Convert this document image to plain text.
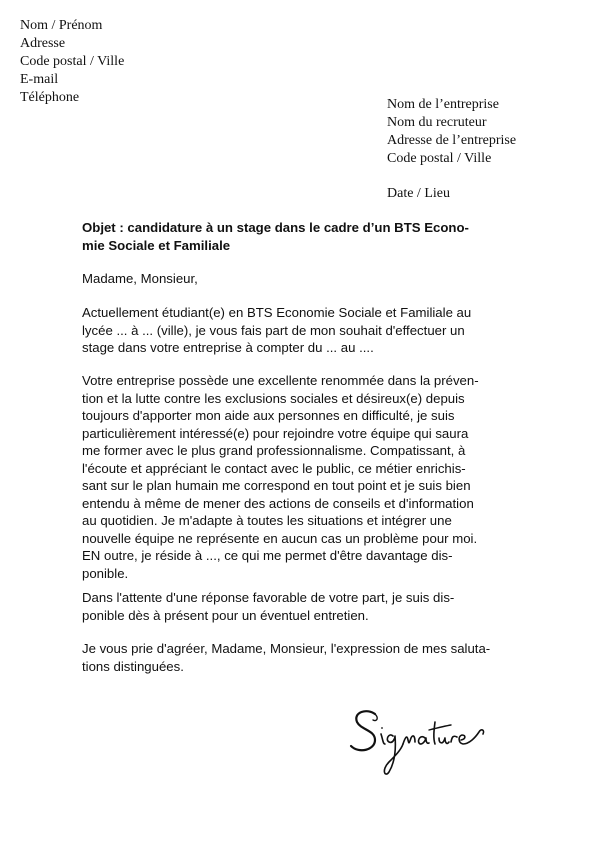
Nom / Prénom
Adresse
Code postal / Ville
E-mail
Téléphone	Nom de l’entreprise
Nom du recruteur
Adresse de l’entreprise
Code postal / Ville
Date / Lieu
Objet : candidature à un stage dans le cadre d’un BTS Econo-
mie Sociale et Familiale
Madame, Monsieur,
Actuellement étudiant(e) en BTS Economie Sociale et Familiale au
lycée ... à ... (ville), je vous fais part de mon souhait d'effectuer un
stage dans votre entreprise à compter du ... au ....
Votre entreprise possède une excellente renommée dans la préven-
tion et la lutte contre les exclusions sociales et désireux(e) depuis
toujours d'apporter mon aide aux personnes en difficulté, je suis
particulièrement intéressé(e) pour rejoindre votre équipe qui saura
me former avec le plus grand professionnalisme. Compatissant, à
l'écoute et appréciant le contact avec le public, ce métier enrichis-
sant sur le plan humain me correspond en tout point et je suis bien
entendu à même de mener des actions de conseils et d'information
au quotidien. Je m'adapte à toutes les situations et intégrer une
nouvelle équipe ne représente en aucun cas un problème pour moi.
EN outre, je réside à ..., ce qui me permet d'être davantage dis-
ponible.
Dans l'attente d'une réponse favorable de votre part, je suis dis-
ponible dès à présent pour un éventuel entretien.
Je vous prie d'agréer, Madame, Monsieur, l'expression de mes saluta-
tions distinguées.
